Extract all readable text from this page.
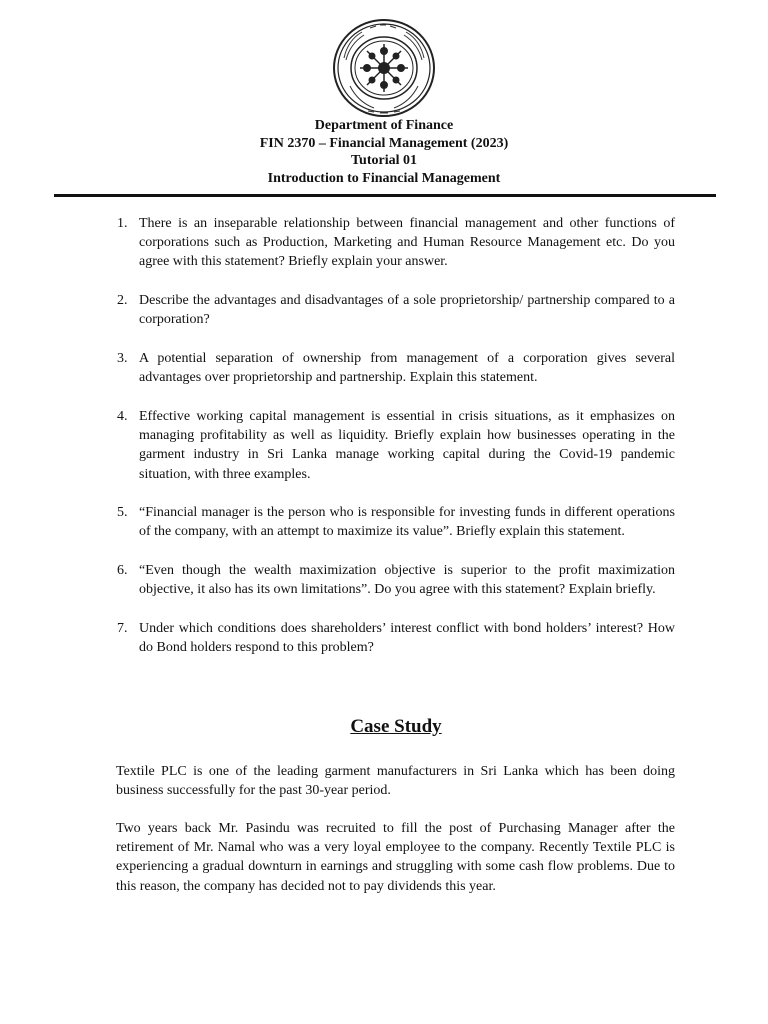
Department of Finance
FIN 2370 – Financial Management (2023)
Tutorial 01
Introduction to Financial Management
1. There is an inseparable relationship between financial management and other functions of corporations such as Production, Marketing and Human Resource Management etc. Do you agree with this statement? Briefly explain your answer.
2. Describe the advantages and disadvantages of a sole proprietorship/ partnership compared to a corporation?
3. A potential separation of ownership from management of a corporation gives several advantages over proprietorship and partnership. Explain this statement.
4. Effective working capital management is essential in crisis situations, as it emphasizes on managing profitability as well as liquidity. Briefly explain how businesses operating in the garment industry in Sri Lanka manage working capital during the Covid-19 pandemic situation, with three examples.
5. “Financial manager is the person who is responsible for investing funds in different operations of the company, with an attempt to maximize its value”. Briefly explain this statement.
6. “Even though the wealth maximization objective is superior to the profit maximization objective, it also has its own limitations”. Do you agree with this statement? Explain briefly.
7. Under which conditions does shareholders’ interest conflict with bond holders’ interest? How do Bond holders respond to this problem?
Case Study

Textile PLC is one of the leading garment manufacturers in Sri Lanka which has been doing business successfully for the past 30-year period.

Two years back Mr. Pasindu was recruited to fill the post of Purchasing Manager after the retirement of Mr. Namal who was a very loyal employee to the company. Recently Textile PLC is experiencing a gradual downturn in earnings and struggling with some cash flow problems. Due to this reason, the company has decided not to pay dividends this year.
